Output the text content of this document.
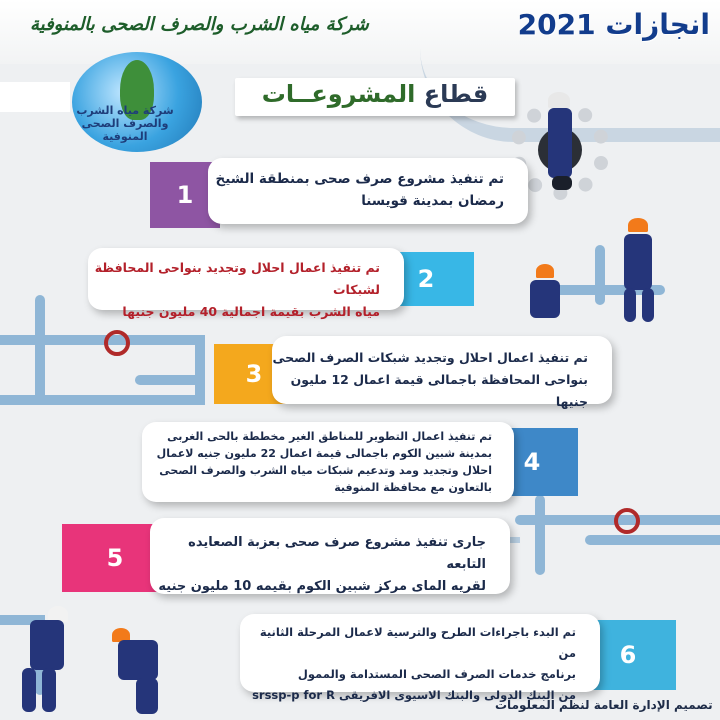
انجازات 2021
شركة مياه الشرب والصرف الصحى بالمنوفية
قطاع المشروعــات
شركة مياه الشرب
والصرف الصحى المنوفية
1
تم تنفيذ مشروع صرف صحى بمنطقة الشيخ
رمضان بمدينة قويسنا
2
تم تنفيذ اعمال احلال وتجديد بنواحى المحافظة لشبكات
مياه الشرب بقيمة اجمالية 40 مليون جنيها
3
تم تنفيذ اعمال احلال وتجديد شبكات الصرف الصحى
بنواحى المحافظة باجمالى قيمة اعمال 12 مليون جنيها
4
تم تنفيذ اعمال التطوير للمناطق الغير مخططة بالحى الغربى
بمدينة شبين الكوم باجمالى قيمة اعمال 22 مليون جنيه لاعمال
احلال وتجديد ومد وتدعيم شبكات مياه الشرب والصرف الصحى
بالتعاون مع محافظة المنوفية
5
جارى تنفيذ مشروع صرف صحى بعزبة الصعايده التابعه
لقريه الماى مركز شبين الكوم بقيمه 10 مليون جنيه
6
تم البدء باجراءات الطرح والترسية لاعمال المرحلة الثانية من
برنامج خدمات الصرف الصحى المستدامة والممول
من البنك الدولى والبنك الاسيوى الافريقى srssp-p for R
تصميم الإدارة العامة لنظم المعلومات
